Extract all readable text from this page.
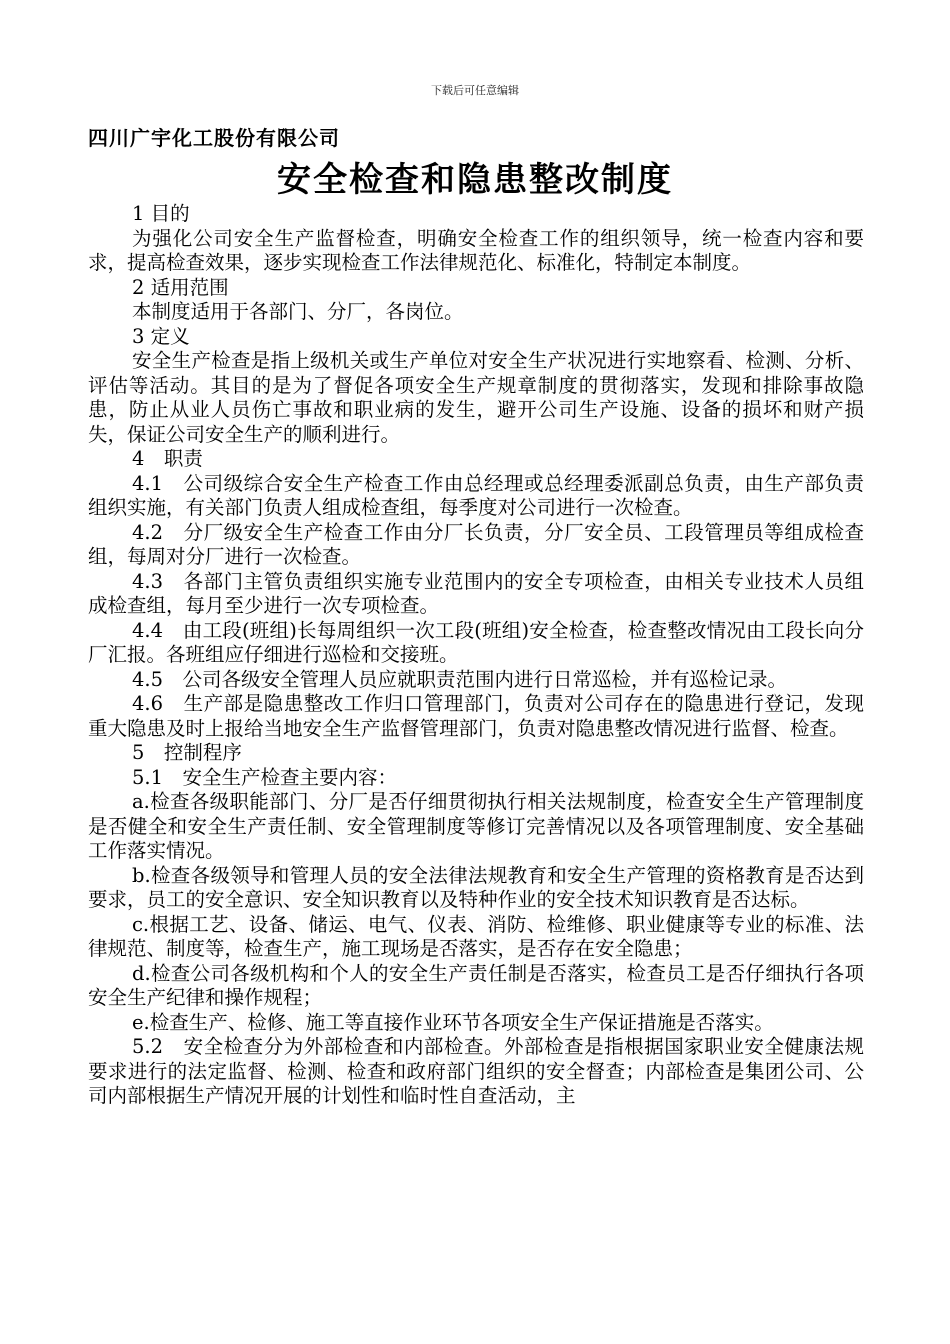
下载后可任意编辑
四川广宇化工股份有限公司
安全检查和隐患整改制度

1 目的

为强化公司安全生产监督检查，明确安全检查工作的组织领导，统一检查内容和要求，提高检查效果，逐步实现检查工作法律规范化、标准化，特制定本制度。

2 适用范围

本制度适用于各部门、分厂，各岗位。

3 定义

安全生产检查是指上级机关或生产单位对安全生产状况进行实地察看、检测、分析、评估等活动。其目的是为了督促各项安全生产规章制度的贯彻落实，发现和排除事故隐患，防止从业人员伤亡事故和职业病的发生，避开公司生产设施、设备的损坏和财产损失，保证公司安全生产的顺利进行。

4　职责

4.1　公司级综合安全生产检查工作由总经理或总经理委派副总负责，由生产部负责组织实施，有关部门负责人组成检查组，每季度对公司进行一次检查。

4.2　分厂级安全生产检查工作由分厂长负责，分厂安全员、工段管理员等组成检查组，每周对分厂进行一次检查。

4.3　各部门主管负责组织实施专业范围内的安全专项检查，由相关专业技术人员组成检查组，每月至少进行一次专项检查。

4.4　由工段(班组)长每周组织一次工段(班组)安全检查，检查整改情况由工段长向分厂汇报。各班组应仔细进行巡检和交接班。

4.5　公司各级安全管理人员应就职责范围内进行日常巡检，并有巡检记录。

4.6　生产部是隐患整改工作归口管理部门，负责对公司存在的隐患进行登记，发现重大隐患及时上报给当地安全生产监督管理部门，负责对隐患整改情况进行监督、检查。

5　控制程序

5.1　安全生产检查主要内容：

a.检查各级职能部门、分厂是否仔细贯彻执行相关法规制度，检查安全生产管理制度是否健全和安全生产责任制、安全管理制度等修订完善情况以及各项管理制度、安全基础工作落实情况。

b.检查各级领导和管理人员的安全法律法规教育和安全生产管理的资格教育是否达到要求，员工的安全意识、安全知识教育以及特种作业的安全技术知识教育是否达标。

c.根据工艺、设备、储运、电气、仪表、消防、检维修、职业健康等专业的标准、法律规范、制度等，检查生产，施工现场是否落实，是否存在安全隐患；

d.检查公司各级机构和个人的安全生产责任制是否落实，检查员工是否仔细执行各项安全生产纪律和操作规程；

e.检查生产、检修、施工等直接作业环节各项安全生产保证措施是否落实。

5.2　安全检查分为外部检查和内部检查。外部检查是指根据国家职业安全健康法规要求进行的法定监督、检测、检查和政府部门组织的安全督查；内部检查是集团公司、公司内部根据生产情况开展的计划性和临时性自查活动，主
